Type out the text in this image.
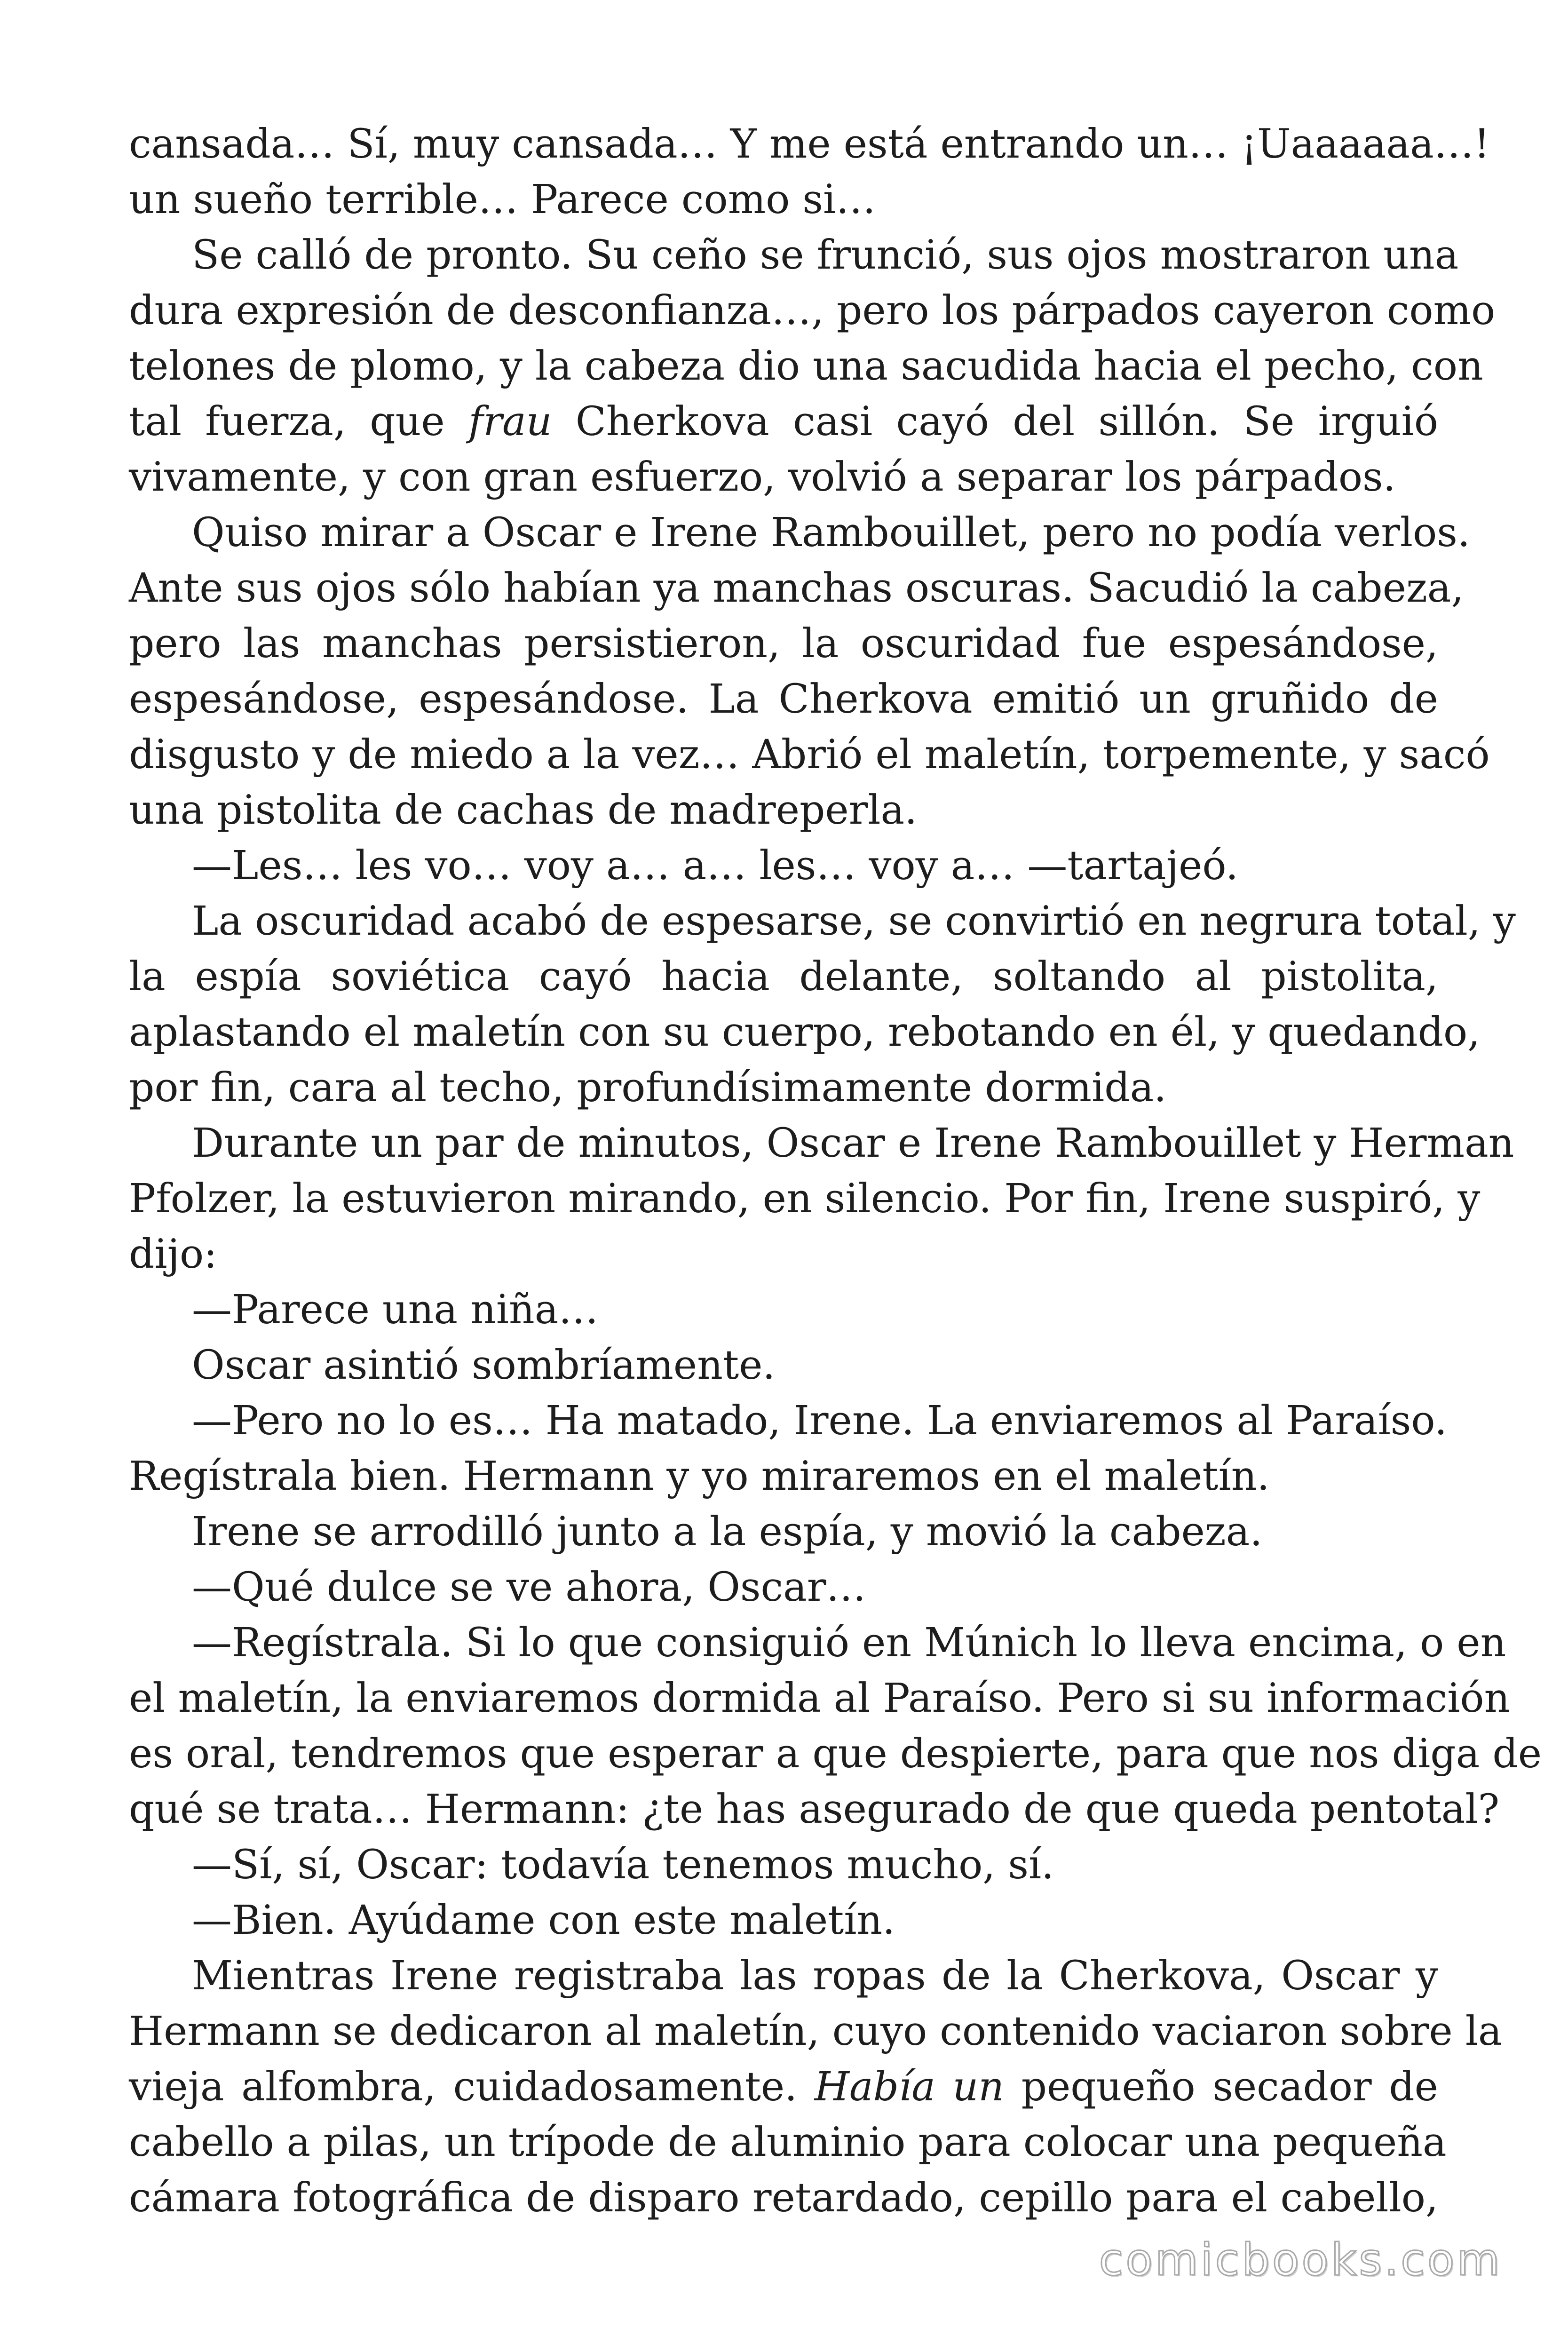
cansada… Sí, muy cansada… Y me está entrando un… ¡Uaaaaaa…!
un sueño terrible… Parece como si…
Se calló de pronto. Su ceño se frunció, sus ojos mostraron una
dura expresión de desconfianza…, pero los párpados cayeron como
telones de plomo, y la cabeza dio una sacudida hacia el pecho, con
tal fuerza, que frau Cherkova casi cayó del sillón. Se irguió
vivamente, y con gran esfuerzo, volvió a separar los párpados.
Quiso mirar a Oscar e Irene Rambouillet, pero no podía verlos.
Ante sus ojos sólo habían ya manchas oscuras. Sacudió la cabeza,
pero las manchas persistieron, la oscuridad fue espesándose,
espesándose, espesándose. La Cherkova emitió un gruñido de
disgusto y de miedo a la vez… Abrió el maletín, torpemente, y sacó
una pistolita de cachas de madreperla.
—Les… les vo… voy a… a… les… voy a… —tartajeó.
La oscuridad acabó de espesarse, se convirtió en negrura total, y
la espía soviética cayó hacia delante, soltando al pistolita,
aplastando el maletín con su cuerpo, rebotando en él, y quedando,
por fin, cara al techo, profundísimamente dormida.
Durante un par de minutos, Oscar e Irene Rambouillet y Herman
Pfolzer, la estuvieron mirando, en silencio. Por fin, Irene suspiró, y
dijo:
—Parece una niña…
Oscar asintió sombríamente.
—Pero no lo es… Ha matado, Irene. La enviaremos al Paraíso.
Regístrala bien. Hermann y yo miraremos en el maletín.
Irene se arrodilló junto a la espía, y movió la cabeza.
—Qué dulce se ve ahora, Oscar…
—Regístrala. Si lo que consiguió en Múnich lo lleva encima, o en
el maletín, la enviaremos dormida al Paraíso. Pero si su información
es oral, tendremos que esperar a que despierte, para que nos diga de
qué se trata… Hermann: ¿te has asegurado de que queda pentotal?
—Sí, sí, Oscar: todavía tenemos mucho, sí.
—Bien. Ayúdame con este maletín.
Mientras Irene registraba las ropas de la Cherkova, Oscar y
Hermann se dedicaron al maletín, cuyo contenido vaciaron sobre la
vieja alfombra, cuidadosamente. Había un pequeño secador de
cabello a pilas, un trípode de aluminio para colocar una pequeña
cámara fotográfica de disparo retardado, cepillo para el cabello,
comicbooks.com
